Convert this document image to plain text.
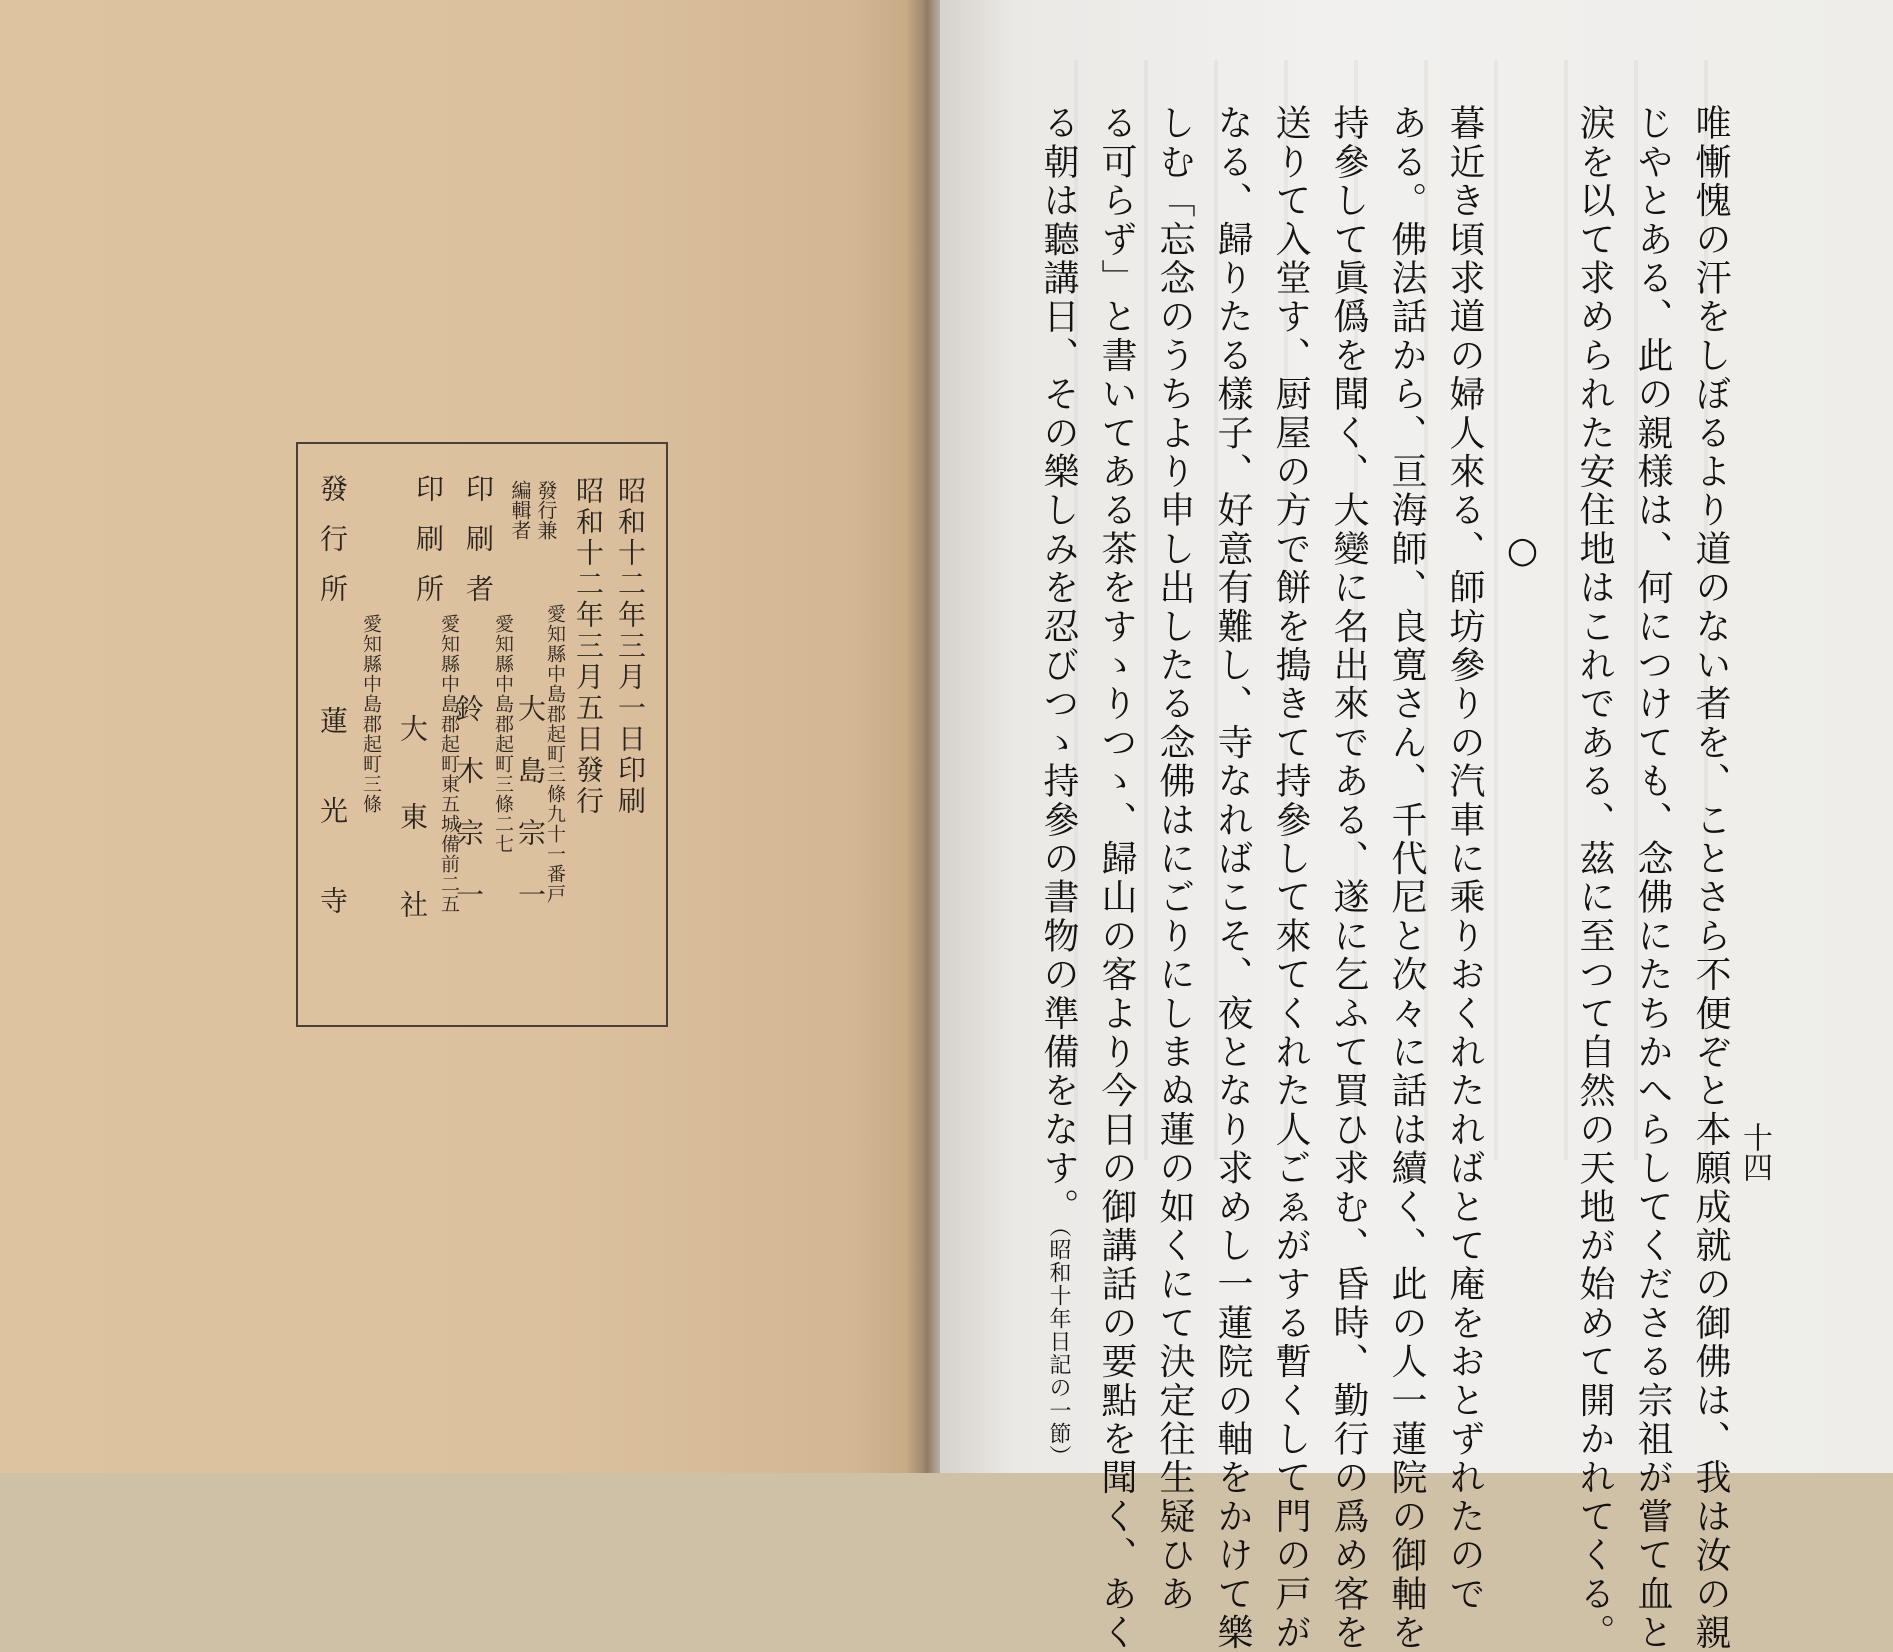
昭和十二年三月一日印刷
昭和十二年三月五日發行
發行兼
編輯者
愛知縣中島郡起町三條九十一番戸
大島宗一
印刷者
愛知縣中島郡起町三條二七
鈴木宗一
印刷所
愛知縣中島郡起町東五城備前二五
大東社
發行所
愛知縣中島郡起町三條
蓮光寺
十四
唯慚愧の汗をしぼるより道のない者を、ことさら不便ぞと本願成就の御佛は、我は汝の親
じやとある、此の親様は、何につけても、念佛にたちかへらしてくださる宗祖が嘗て血と
涙を以て求められた安住地はこれである、茲に至つて自然の天地が始めて開かれてくる。
○
暮近き頃求道の婦人來る、師坊參りの汽車に乘りおくれたればとて庵をおとずれたので
ある。佛法話から、亘海師、良寛さん、千代尼と次々に話は續く、此の人一蓮院の御軸を
持參して眞僞を聞く、大變に名出來である、遂に乞ふて買ひ求む、昏時、勤行の爲め客を
送りて入堂す、厨屋の方で餅を搗きて持參して來てくれた人ごゑがする暫くして門の戸が
なる、歸りたる樣子、好意有難し、寺なればこそ、夜となり求めし一蓮院の軸をかけて樂
しむ「忘念のうちより申し出したる念佛はにごりにしまぬ蓮の如くにて決定往生疑ひあ
る可らず」と書いてある茶をすゝりつゝ、歸山の客より今日の御講話の要點を聞く、あく
る朝は聽講日、その樂しみを忍びつゝ持參の書物の準備をなす。（昭和十年日記の一節）
